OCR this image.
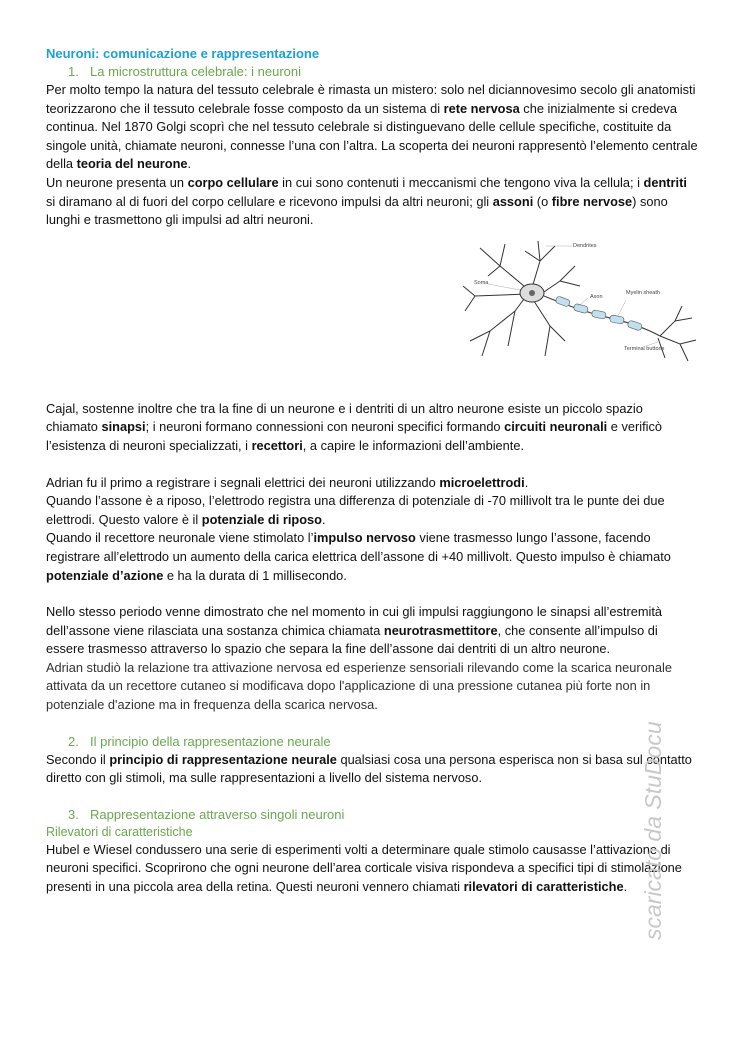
Neuroni: comunicazione e rappresentazione
1. La microstruttura celebrale: i neuroni

Per molto tempo la natura del tessuto celebrale è rimasta un mistero: solo nel diciannovesimo secolo gli anatomisti teorizzarono che il tessuto celebrale fosse composto da un sistema di rete nervosa che inizialmente si credeva continua. Nel 1870 Golgi scoprì che nel tessuto celebrale si distinguevano delle cellule specifiche, costituite da singole unità, chiamate neuroni, connesse l’una con l’altra. La scoperta dei neuroni rappresentò l’elemento centrale della teoria del neurone.

Un neurone presenta un corpo cellulare in cui sono contenuti i meccanismi che tengono viva la cellula; i dentriti si diramano al di fuori del corpo cellulare e ricevono impulsi da altri neuroni; gli assoni (o fibre nervose) sono lunghi e trasmettono gli impulsi ad altri neuroni.

Dendrites
Soma
Axon
Myelin sheath
Terminal buttons

Cajal, sostenne inoltre che tra la fine di un neurone e i dentriti di un altro neurone esiste un piccolo spazio chiamato sinapsi; i neuroni formano connessioni con neuroni specifici formando circuiti neuronali e verificò l’esistenza di neuroni specializzati, i recettori, a capire le informazioni dell’ambiente.

Adrian fu il primo a registrare i segnali elettrici dei neuroni utilizzando microelettrodi.

Quando l’assone è a riposo, l’elettrodo registra una differenza di potenziale di -70 millivolt tra le punte dei due elettrodi. Questo valore è il potenziale di riposo.

Quando il recettore neuronale viene stimolato l’impulso nervoso viene trasmesso lungo l’assone, facendo registrare all’elettrodo un aumento della carica elettrica dell’assone di +40 millivolt. Questo impulso è chiamato potenziale d’azione e ha la durata di 1 millisecondo.

Nello stesso periodo venne dimostrato che nel momento in cui gli impulsi raggiungono le sinapsi all’estremità dell’assone viene rilasciata una sostanza chimica chiamata neurotrasmettitore, che consente all’impulso di essere trasmesso attraverso lo spazio che separa la fine dell’assone dai dentriti di un altro neurone.

Adrian studiò la relazione tra attivazione nervosa ed esperienze sensoriali rilevando come la scarica neuronale attivata da un recettore cutaneo si modificava dopo l'applicazione di una pressione cutanea più forte non in potenziale d'azione ma in frequenza della scarica nervosa.

2. Il principio della rappresentazione neurale

Secondo il principio di rappresentazione neurale qualsiasi cosa una persona esperisca non si basa sul contatto diretto con gli stimoli, ma sulle rappresentazioni a livello del sistema nervoso.

3. Rappresentazione attraverso singoli neuroni
Rilevatori di caratteristiche

Hubel e Wiesel condussero una serie di esperimenti volti a determinare quale stimolo causasse l’attivazione di neuroni specifici. Scoprirono che ogni neurone dell’area corticale visiva rispondeva a specifici tipi di stimolazione presenti in una piccola area della retina. Questi neuroni vennero chiamati rilevatori di caratteristiche. scaricato da StuDocu
